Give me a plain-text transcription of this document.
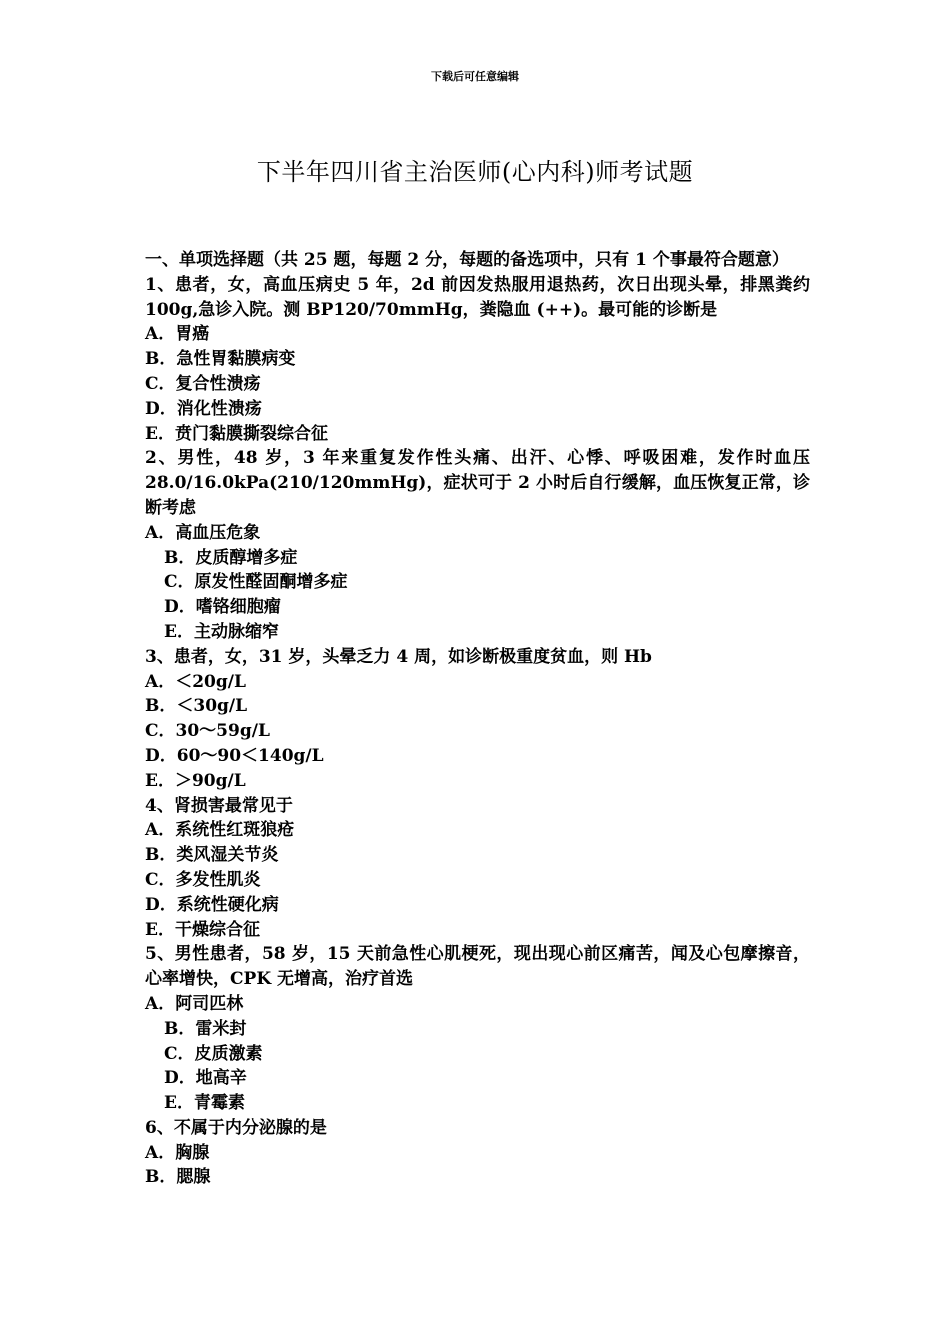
下载后可任意编辑
下半年四川省主治医师(心内科)师考试题
一、单项选择题（共 25 题，每题 2 分，每题的备选项中，只有 1 个事最符合题意）
1、患者，女，高血压病史 5 年，2d 前因发热服用退热药，次日出现头晕，排黑粪约 100g,急诊入院。测 BP120/70mmHg，粪隐血 (++)。最可能的诊断是
A．胃癌
B．急性胃黏膜病变
C．复合性溃疡
D．消化性溃疡
E．贲门黏膜撕裂综合征
2、男性，48 岁，3 年来重复发作性头痛、出汗、心悸、呼吸困难，发作时血压 28.0/16.0kPa(210/120mmHg)，症状可于 2 小时后自行缓解，血压恢复正常，诊断考虑
A．高血压危象
B．皮质醇增多症
C．原发性醛固酮增多症
D．嗜铬细胞瘤
E．主动脉缩窄
3、患者，女，31 岁，头晕乏力 4 周，如诊断极重度贫血，则 Hb
A．＜20g/L
B．＜30g/L
C．30～59g/L
D．60～90＜140g/L
E．＞90g/L
4、肾损害最常见于
A．系统性红斑狼疮
B．类风湿关节炎
C．多发性肌炎
D．系统性硬化病
E．干燥综合征
5、男性患者，58 岁，15 天前急性心肌梗死，现出现心前区痛苦，闻及心包摩擦音，心率增快，CPK 无增高，治疗首选
A．阿司匹林
B．雷米封
C．皮质激素
D．地高辛
E．青霉素
6、不属于内分泌腺的是
A．胸腺
B．腮腺
